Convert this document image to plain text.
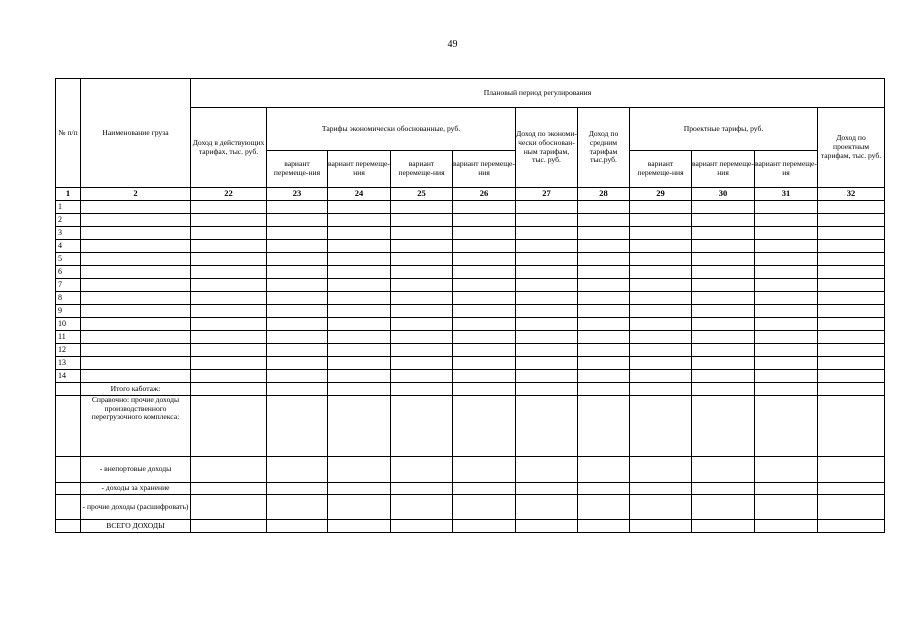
49
№ п/п	Наименование груза	Плановый период регулирования										
		Доход в действующих тарифах, тыс. руб.	Тарифы экономически обоснованные, руб.				Доход по экономи-чески обоснован-ным тарифам, тыс. руб.	Доход по средним тарифам тыс.руб.	Проектные тарифы, руб.			Доход по проектным тарифам, тыс. руб.
			вариант перемеще-ния	вариант перемеще-ния	вариант перемеще-ния	вариант перемеще-ния			вариант перемеще-ния	вариант перемеще-ния	вариант перемеще-ия	
1	2	22	23	24	25	26	27	28	29	30	31	32
1												
2												
3												
4												
5												
6												
7												
8												
9												
10												
11												
12												
13												
14												
	Итого каботаж:											
	Справочно: прочие доходы производственного перегрузочного комплекса:											
	- внепортовые доходы											
	- доходы за хранение											
	- прочие доходы (расшифровать)											
	ВСЕГО ДОХОДЫ											
